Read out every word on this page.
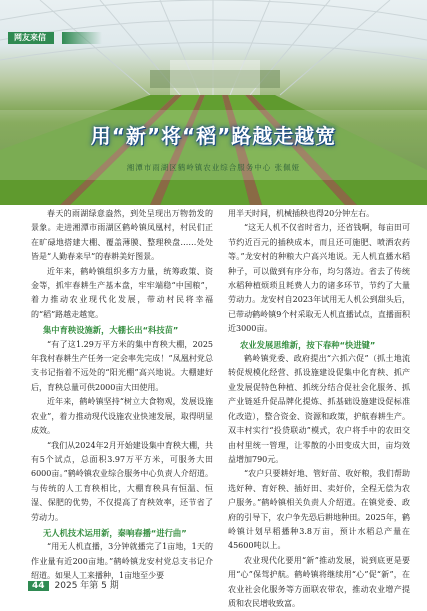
网友来信
用“新”将“稻”路越走越宽
湘潭市雨湖区鹤岭镇农业综合服务中心 张佩娅

春天的雨湖绿意盎然，到处呈现出万物勃发的景象。走进湘潭市雨湖区鹤岭镇凤凰村，村民们正在旷碌地搭建大棚、覆盖薄膜、整理秧盘……处处皆是“人勤春来早”的春耕美好图景。

近年来，鹤岭镇组织多方力量，统筹政策、资金等，抓牢春耕生产基本盘，牢牢端稳“中国粮”，着力推动农业现代化发展，带动村民将幸福的“稻”路越走越宽。

集中育秧设施新，大棚长出“科技苗”

“有了这1.29万平方米的集中育秧大棚，2025年我村春耕生产任务一定会率先完成！”凤凰村党总支书记指着不远处的“阳光棚”高兴地说。大棚建好后，育秧总量可供2000亩大田使用。

近年来，鹤岭镇坚持“树立大食物观，发展设施农业”，着力推动现代设施农业快速发展，取得明显成效。

“我们从2024年2月开始建设集中育秧大棚，共有5个试点，总面积3.97万平方米，可服务大田6000亩。”鹤岭镇农业综合服务中心负责人介绍道。与传统的人工育秧相比，大棚育秧具有恒温、恒湿、保肥的优势，不仅提高了育秧效率，还节省了劳动力。

无人机技术运用新，秦响春播“进行曲”

“用无人机直播，3分钟就播完了1亩地，1天的作业量有近200亩地。”鹤岭镇龙安村党总支书记介绍道。如果人工来播种，1亩地至少要

用半天时间，机械插秧也得20分钟左右。

“这无人机不仅省时省力，还省钱啊，每亩田可节约近百元的插秧成本，而且还可施肥、喷洒农药等。”龙安村的种粮大户高兴地说。无人机直播水稻种子，可以做到有序分布，均匀落边。省去了传统水稻种植烦琐且耗费人力的诸多环节，节约了大量劳动力。龙安村自2023年试用无人机公到甜头后，已带动鹤岭镇9个村采取无人机直播试点，直播面积近3000亩。

农业发展思维新，按下春种“快进键”

鹤岭镇党委、政府提出“六抓六促”（抓土地流转促规模化经营、抓设施建设促集中化育秧、抓产业发展促特色种植、抓统分结合促社会化服务、抓产业链延升促品牌化提炼、抓基础设施建设促标准化改造），整合资金、资源和政策，护航春耕生产。双丰村实行“投贷联动”模式，农户将手中的农田交由村里统一管理，让零散的小田变成大田，亩均效益增加790元。

“农户只要耕好地、管好苗、收好粮，我们帮助选好种、育好秧、插好田、卖好价，全程无偿为农户服务。”鹤岭镇相关负责人介绍道。在镇党委、政府的引导下，农户争先恐后耕地种田。2025年，鹤岭镇计划早稻播种3.8万亩，预计水稻总产量在45600吨以上。

农业现代化要用“新”推动发展，说到底更是要用“心”保驾护航。鹤岭镇将继续用“心”促“新”，在农业社会化服务等方面联农带农，推动农业增产提质和农民增收致富。

44 2025 年第 5 期
